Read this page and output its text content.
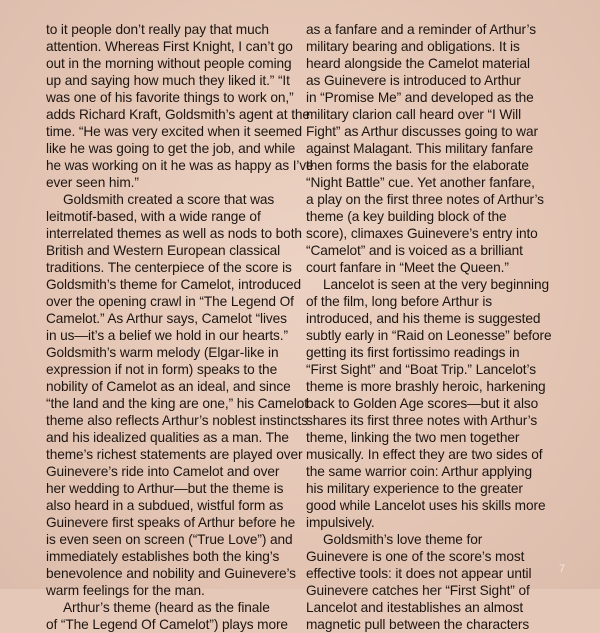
to it people don’t really pay that much
attention. Whereas First Knight, I can’t go
out in the morning without people coming
up and saying how much they liked it.” “It
was one of his favorite things to work on,”
adds Richard Kraft, Goldsmith’s agent at the
time. “He was very excited when it seemed
like he was going to get the job, and while
he was working on it he was as happy as I’ve
ever seen him.”
Goldsmith created a score that was
leitmotif-based, with a wide range of
interrelated themes as well as nods to both
British and Western European classical
traditions. The centerpiece of the score is
Goldsmith’s theme for Camelot, introduced
over the opening crawl in “The Legend Of
Camelot.” As Arthur says, Camelot “lives
in us—it’s a belief we hold in our hearts.”
Goldsmith’s warm melody (Elgar-like in
expression if not in form) speaks to the
nobility of Camelot as an ideal, and since
“the land and the king are one,” his Camelot
theme also reflects Arthur’s noblest instincts
and his idealized qualities as a man. The
theme’s richest statements are played over
Guinevere’s ride into Camelot and over
her wedding to Arthur—but the theme is
also heard in a subdued, wistful form as
Guinevere first speaks of Arthur before he
is even seen on screen (“True Love”) and
immediately establishes both the king’s
benevolence and nobility and Guinevere’s
warm feelings for the man.
Arthur’s theme (heard as the finale
of “The Legend Of Camelot”) plays more
as a fanfare and a reminder of Arthur’s
military bearing and obligations. It is
heard alongside the Camelot material
as Guinevere is introduced to Arthur
in “Promise Me” and developed as the
military clarion call heard over “I Will
Fight” as Arthur discusses going to war
against Malagant. This military fanfare
then forms the basis for the elaborate
“Night Battle” cue. Yet another fanfare,
a play on the first three notes of Arthur’s
theme (a key building block of the
score), climaxes Guinevere’s entry into
“Camelot” and is voiced as a brilliant
court fanfare in “Meet the Queen.”
Lancelot is seen at the very beginning
of the film, long before Arthur is
introduced, and his theme is suggested
subtly early in “Raid on Leonesse” before
getting its first fortissimo readings in
“First Sight” and “Boat Trip.” Lancelot’s
theme is more brashly heroic, harkening
back to Golden Age scores—but it also
shares its first three notes with Arthur’s
theme, linking the two men together
musically. In effect they are two sides of
the same warrior coin: Arthur applying
his military experience to the greater
good while Lancelot uses his skills more
impulsively.
Goldsmith’s love theme for
Guinevere is one of the score’s most
effective tools: it does not appear until
Guinevere catches her “First Sight” of
Lancelot and itestablishes an almost
magnetic pull between the characters
7
